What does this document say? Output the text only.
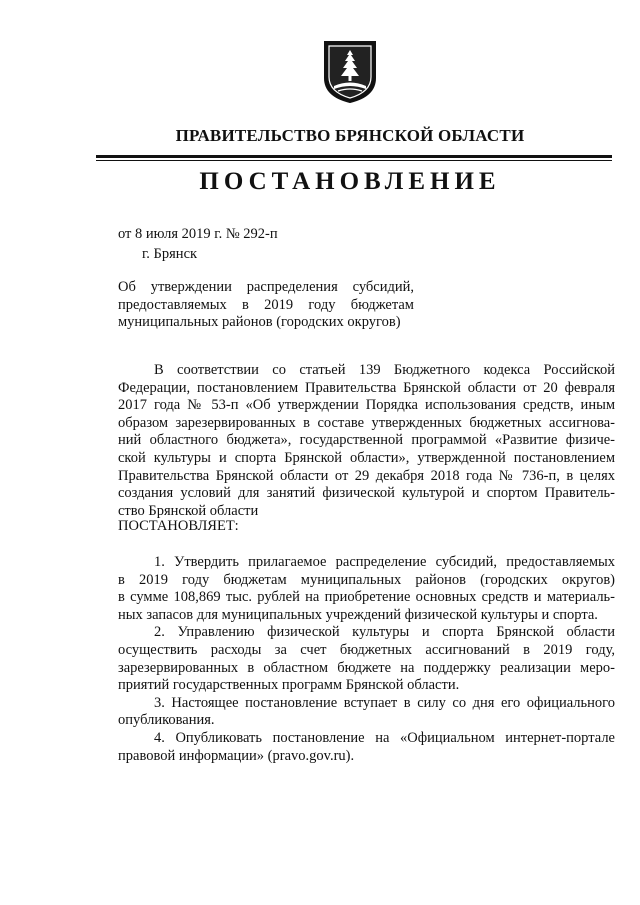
ПРАВИТЕЛЬСТВО БРЯНСКОЙ ОБЛАСТИ
ПОСТАНОВЛЕНИЕ
от 8 июля 2019 г. № 292-п
г. Брянск
Об утверждении распределения субсидий,
предоставляемых в 2019 году бюджетам
муниципальных районов (городских округов)
В соответствии со статьей 139 Бюджетного кодекса Российской
Федерации, постановлением Правительства Брянской области от 20 февраля
2017 года № 53-п «Об утверждении Порядка использования средств, иным
образом зарезервированных в составе утвержденных бюджетных ассигнова-
ний областного бюджета», государственной программой «Развитие физиче-
ской культуры и спорта Брянской области», утвержденной постановлением
Правительства Брянской области от 29 декабря 2018 года № 736-п, в целях
создания условий для занятий физической культурой и спортом Правитель-
ство Брянской области
ПОСТАНОВЛЯЕТ:
1. Утвердить прилагаемое распределение субсидий, предоставляемых
в 2019 году бюджетам муниципальных районов (городских округов)
в сумме 108,869 тыс. рублей на приобретение основных средств и материаль-
ных запасов для муниципальных учреждений физической культуры и спорта.
2. Управлению физической культуры и спорта Брянской области
осуществить расходы за счет бюджетных ассигнований в 2019 году,
зарезервированных в областном бюджете на поддержку реализации меро-
приятий государственных программ Брянской области.
3. Настоящее постановление вступает в силу со дня его официального
опубликования.
4. Опубликовать постановление на «Официальном интернет-портале
правовой информации» (pravo.gov.ru).
